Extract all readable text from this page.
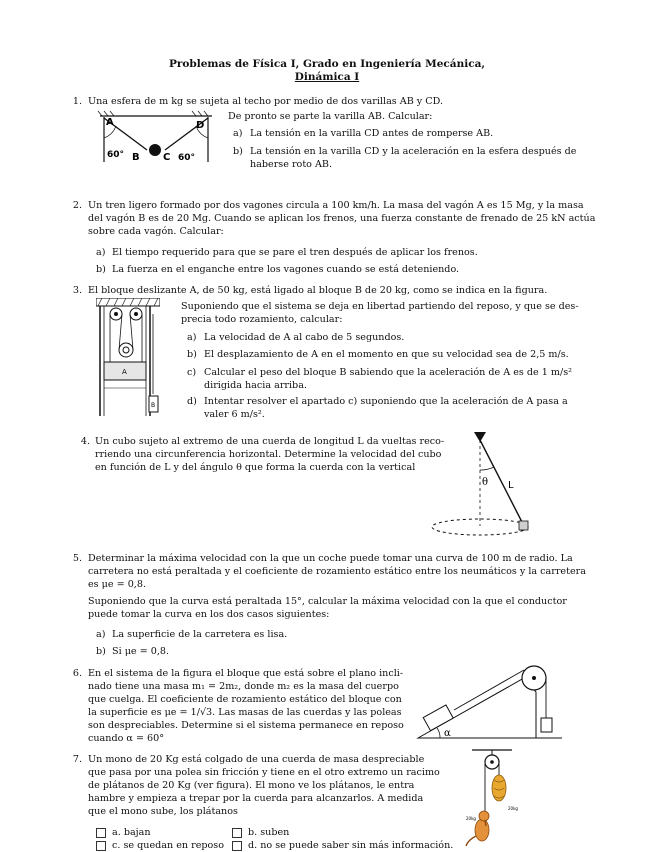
Problemas de Física I, Grado en Ingeniería Mecánica,
Dinámica I
1. Una esfera de m kg se sujeta al techo por medio de dos varillas AB y CD.
A	D
B C
60°	60°
De pronto se parte la varilla AB. Calcular:
a) La tensión en la varilla CD antes de romperse AB.
b) La tensión en la varilla CD y la aceleración en la esfera después de
haberse roto AB.
2. Un tren ligero formado por dos vagones circula a 100 km/h. La masa del vagón A es 15 Mg, y la masa
del vagón B es de 20 Mg. Cuando se aplican los frenos, una fuerza constante de frenado de 25 kN actúa
sobre cada vagón. Calcular:
a) El tiempo requerido para que se pare el tren después de aplicar los frenos.
b) La fuerza en el enganche entre los vagones cuando se está deteniendo.
3. El bloque deslizante A, de 50 kg, está ligado al bloque B de 20 kg, como se indica en la figura.
A
B
Suponiendo que el sistema se deja en libertad partiendo del reposo, y que se des-
precia todo rozamiento, calcular:
a) La velocidad de A al cabo de 5 segundos.
b) El desplazamiento de A en el momento en que su velocidad sea de 2,5 m/s.
c) Calcular el peso del bloque B sabiendo que la aceleración de A es de 1 m/s²
dirigida hacia arriba.
d) Intentar resolver el apartado c) suponiendo que la aceleración de A pasa a
valer 6 m/s².
4. Un cubo sujeto al extremo de una cuerda de longitud L da vueltas reco-
rriendo una circunferencia horizontal. Determine la velocidad del cubo
en función de L y del ángulo θ que forma la cuerda con la vertical
θ L
5. Determinar la máxima velocidad con la que un coche puede tomar una curva de 100 m de radio. La
carretera no está peraltada y el coeficiente de rozamiento estático entre los neumáticos y la carretera
es μe = 0,8.
Suponiendo que la curva está peraltada 15°, calcular la máxima velocidad con la que el conductor
puede tomar la curva en los dos casos siguientes:
a) La superficie de la carretera es lisa.
b) Si μe = 0,8.
6. En el sistema de la figura el bloque que está sobre el plano incli-
nado tiene una masa m₁ = 2m₂, donde m₂ es la masa del cuerpo
que cuelga. El coeficiente de rozamiento estático del bloque con
la superficie es μe = 1/√3. Las masas de las cuerdas y las poleas
son despreciables. Determine si el sistema permanece en reposo
cuando α = 60°	α
7. Un mono de 20 Kg está colgado de una cuerda de masa despreciable
que pasa por una polea sin fricción y tiene en el otro extremo un racimo
de plátanos de 20 Kg (ver figura). El mono ve los plátanos, le entra
hambre y empieza a trepar por la cuerda para alcanzarlos. A medida
que el mono sube, los plátanos
a. bajan	b. suben
c. se quedan en reposo	d. no se puede saber sin más información.
20kg
20kg
